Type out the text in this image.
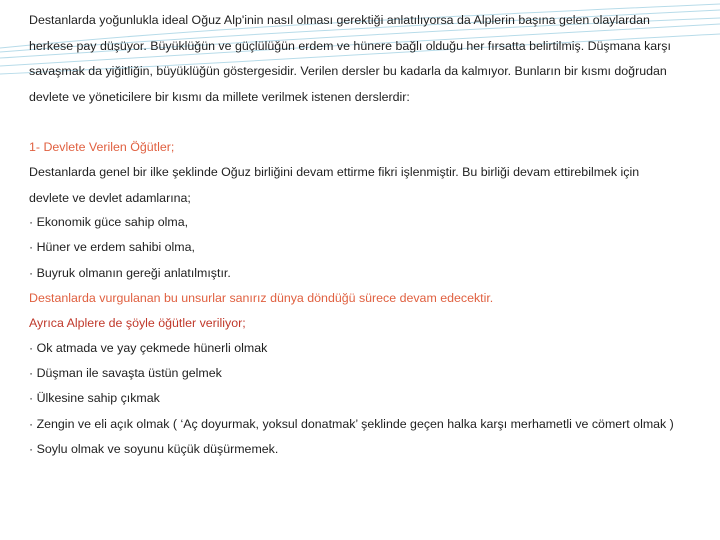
Destanlarda yoğunlukla ideal Oğuz Alp'inin nasıl olması gerektiği anlatılıyorsa da Alplerin başına gelen olaylardan
herkese pay düşüyor. Büyüklüğün ve güçlülüğün erdem ve hünere bağlı olduğu her fırsatta belirtilmiş. Düşmana karşı
savaşmak da yiğitliğin, büyüklüğün göstergesidir. Verilen dersler bu kadarla da kalmıyor. Bunların bir kısmı doğrudan
devlete ve yöneticilere bir kısmı da millete verilmek istenen derslerdir:
1- Devlete Verilen Öğütler;
Destanlarda genel bir ilke şeklinde Oğuz birliğini devam ettirme fikri işlenmiştir. Bu birliği devam ettirebilmek için
devlete ve devlet adamlarına;
· Ekonomik güce sahip olma,
· Hüner ve erdem sahibi olma,
· Buyruk olmanın gereği anlatılmıştır.
Destanlarda vurgulanan bu unsurlar sanırız dünya döndüğü sürece devam edecektir.
Ayrıca Alplere de şöyle öğütler veriliyor;
· Ok atmada ve yay çekmede hünerli olmak
· Düşman ile savaşta üstün gelmek
· Ülkesine sahip çıkmak
· Zengin ve eli açık olmak ( ‘Aç doyurmak, yoksul donatmak’ şeklinde geçen halka karşı merhametli ve cömert olmak )
· Soylu olmak ve soyunu küçük düşürmemek.
